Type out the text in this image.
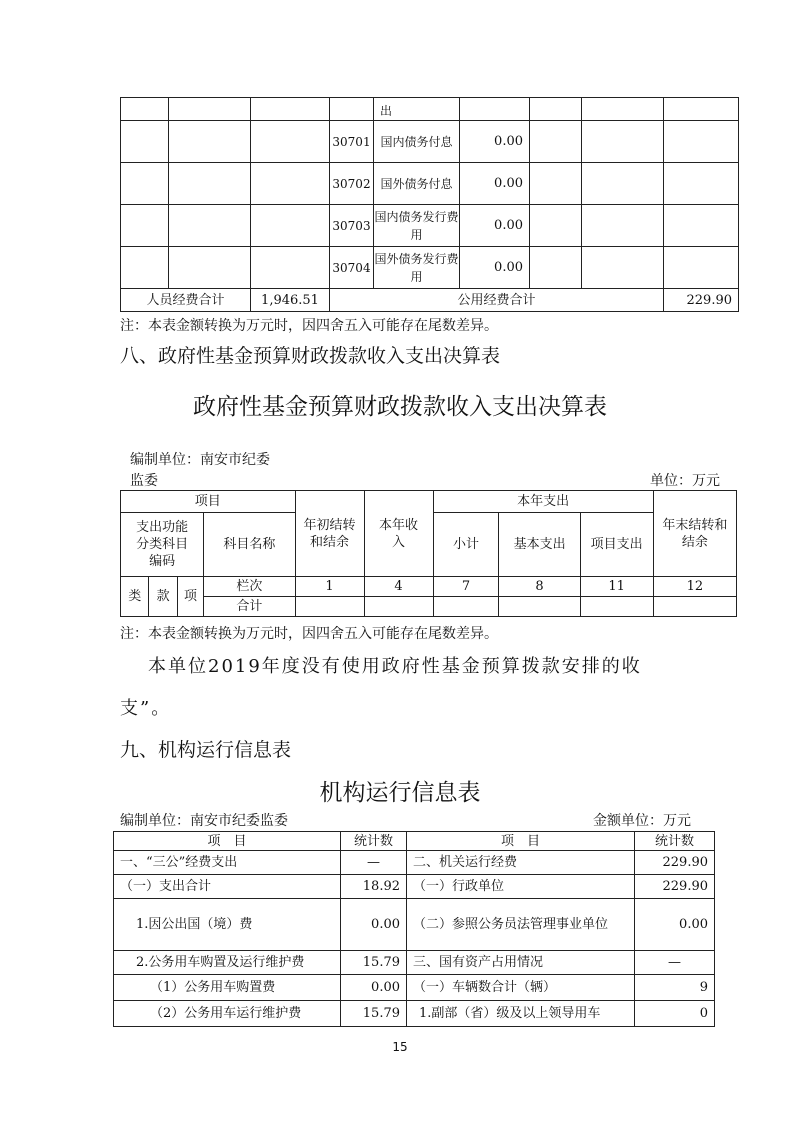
				出				
			30701	国内债务付息	0.00			
			30702	国外债务付息	0.00			
			30703	国内债务发行费用	0.00			
			30704	国外债务发行费用	0.00			
人员经费合计		1,946.51	公用经费合计					229.90
注：本表金额转换为万元时，因四舍五入可能存在尾数差异。
八、政府性基金预算财政拨款收入支出决算表
政府性基金预算财政拨款收入支出决算表
编制单位：南安市纪委
监委	单位：万元
项目				年初结转和结余	本年收入	本年支出			年末结转和结余
支出功能分类科目编码			科目名称			小计	基本支出	项目支出	
类	款	项	栏次	1	4	7	8	11	12
			合计						
注：本表金额转换为万元时，因四舍五入可能存在尾数差异。
本单位2019年度没有使用政府性基金预算拨款安排的收
支”。
九、机构运行信息表
机构运行信息表
编制单位：南安市纪委监委	金额单位：万元
项　目	统计数	项　目	统计数
一、“三公”经费支出	—	二、机关运行经费	229.90
（一）支出合计	18.92	（一）行政单位	229.90
1.因公出国（境）费	0.00	（二）参照公务员法管理事业单位	0.00
2.公务用车购置及运行维护费	15.79	三、国有资产占用情况	—
（1）公务用车购置费	0.00	（一）车辆数合计（辆）	9
（2）公务用车运行维护费	15.79	1.副部（省）级及以上领导用车	0
15
